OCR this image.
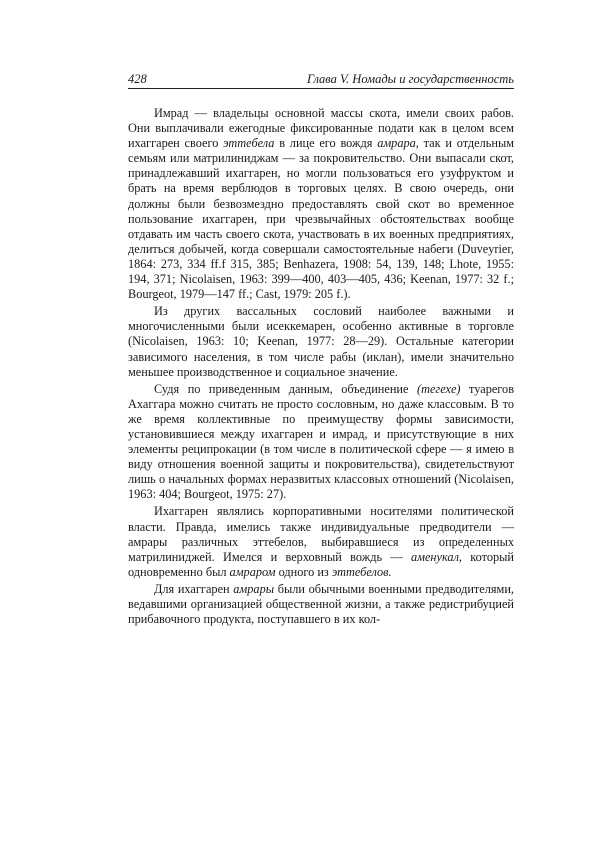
428	Глава V. Номады и государственность

Имрад — владельцы основной массы скота, имели своих рабов. Они выплачивали ежегодные фиксированные подати как в целом всем ихаггарен своего эттебела в лице его вождя амрара, так и отдельным семьям или матрилиниджам — за покровительство. Они выпасали скот, принадлежавший ихаггарен, но могли пользоваться его узуфруктом и брать на время верблюдов в торговых целях. В свою очередь, они должны были безвозмездно предоставлять свой скот во временное пользование ихаггарен, при чрезвычайных обстоятельствах вообще отдавать им часть своего скота, участвовать в их военных предприятиях, делиться добычей, когда совершали самостоятельные набеги (Duveyrier, 1864: 273, 334 ff.f 315, 385; Benhazera, 1908: 54, 139, 148; Lhote, 1955: 194, 371; Nicolaisen, 1963: 399—400, 403—405, 436; Keenan, 1977: 32 f.; Bourgeot, 1979—147 ff.; Cast, 1979: 205 f.).

Из других вассальных сословий наиболее важными и многочисленными были исеккемарен, особенно активные в торговле (Nicolaisen, 1963: 10; Keenan, 1977: 28—29). Остальные категории зависимого населения, в том числе рабы (иклан), имели значительно меньшее производственное и социальное значение.

Судя по приведенным данным, объединение (тегехе) туарегов Ахаггара можно считать не просто сословным, но даже классовым. В то же время коллективные по преимуществу формы зависимости, установившиеся между ихаггарен и имрад, и присутствующие в них элементы реципрокации (в том числе в политической сфере — я имею в виду отношения военной защиты и покровительства), свидетельствуют лишь о начальных формах неразвитых классовых отношений (Nicolaisen, 1963: 404; Bourgeot, 1975: 27).

Ихаггарен являлись корпоративными носителями политической власти. Правда, имелись также индивидуальные предводители — амрары различных эттебелов, выбиравшиеся из определенных матрилиниджей. Имелся и верховный вождь — аменукал, который одновременно был амраром одного из эттебелов.

Для ихаггарен амрары были обычными военными предводителями, ведавшими организацией общественной жизни, а также редистрибуцией прибавочного продукта, поступавшего в их кол-
